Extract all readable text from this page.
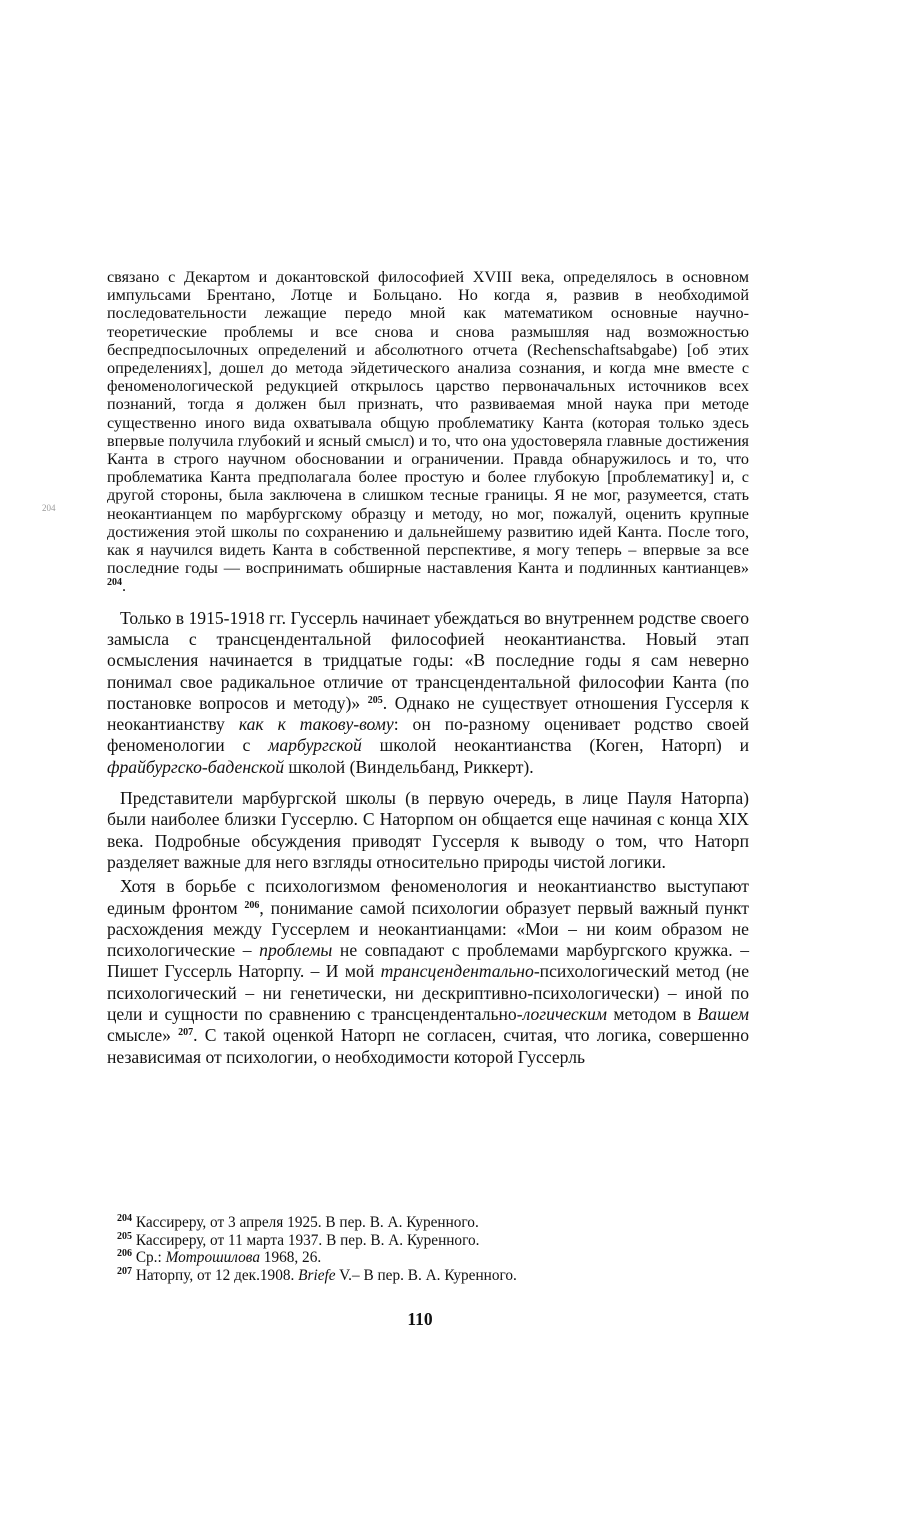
204

связано с Декартом и докантовской философией XVIII века, определялось в основном импульсами Брентано, Лотце и Больцано. Но когда я, развив в необходимой последовательности лежащие передо мной как математиком основные научно-теоретические проблемы и все снова и снова размышляя над возможностью беспредпосылочных определений и абсолютного отчета (Rechenschaftsabgabe) [об этих определениях], дошел до метода эйдетического анализа сознания, и когда мне вместе с феноменологической редукцией открылось царство первоначальных источников всех познаний, тогда я должен был признать, что развиваемая мной наука при методе существенно иного вида охватывала общую проблематику Канта (которая только здесь впервые получила глубокий и ясный смысл) и то, что она удостоверяла главные достижения Канта в строго научном обосновании и ограничении. Правда обнаружилось и то, что проблематика Канта предполагала более простую и более глубокую [проблематику] и, с другой стороны, была заключена в слишком тесные границы. Я не мог, разумеется, стать неокантианцем по марбургскому образцу и методу, но мог, пожалуй, оценить крупные достижения этой школы по сохранению и дальнейшему развитию идей Канта. После того, как я научился видеть Канта в собственной перспективе, я могу теперь – впервые за все последние годы — воспринимать обширные наставления Канта и подлинных кантианцев» $^{204}$.

Только в 1915-1918 гг. Гуссерль начинает убеждаться во внутреннем родстве своего замысла с трансцендентальной философией неокантианства. Новый этап осмысления начинается в тридцатые годы: «В последние годы я сам неверно понимал свое радикальное отличие от трансцендентальной философии Канта (по постановке вопросов и методу)» $^{205}$. Однако не существует отношения Гуссерля к неокантианству как к такову-вому: он по-разному оценивает родство своей феноменологии с марбургской школой неокантианства (Коген, Наторп) и фрайбургско-баденской школой (Виндельбанд, Риккерт).

Представители марбургской школы (в первую очередь, в лице Пауля Наторпа) были наиболее близки Гуссерлю. С Наторпом он общается еще начиная с конца XIX века. Подробные обсуждения приводят Гуссерля к выводу о том, что Наторп разделяет важные для него взгляды относительно природы чистой логики.

Хотя в борьбе с психологизмом феноменология и неокантианство выступают единым фронтом $^{206}$, понимание самой психологии образует первый важный пункт расхождения между Гуссерлем и неокантианцами: «Мои – ни коим образом не психологические – проблемы не совпадают с проблемами марбургского кружка. – Пишет Гуссерль Наторпу. – И мой трансцендентально-психологический метод (не психологический – ни генетически, ни дескриптивно-психологически) – иной по цели и сущности по сравнению с трансцендентально-логическим методом в Вашем смысле» $^{207}$. С такой оценкой Наторп не согласен, считая, что логика, совершенно независимая от психологии, о необходимости которой Гуссерль

$^{204}$ Кассиреру, от 3 апреля 1925. В пер. В. А. Куренного.

$^{205}$ Кассиреру, от 11 марта 1937. В пер. В. А. Куренного.

$^{206}$ Ср.: Мотрошилова 1968, 26.

$^{207}$ Наторпу, от 12 дек.1908. Briefe V.– В пер. В. А. Куренного.

110
